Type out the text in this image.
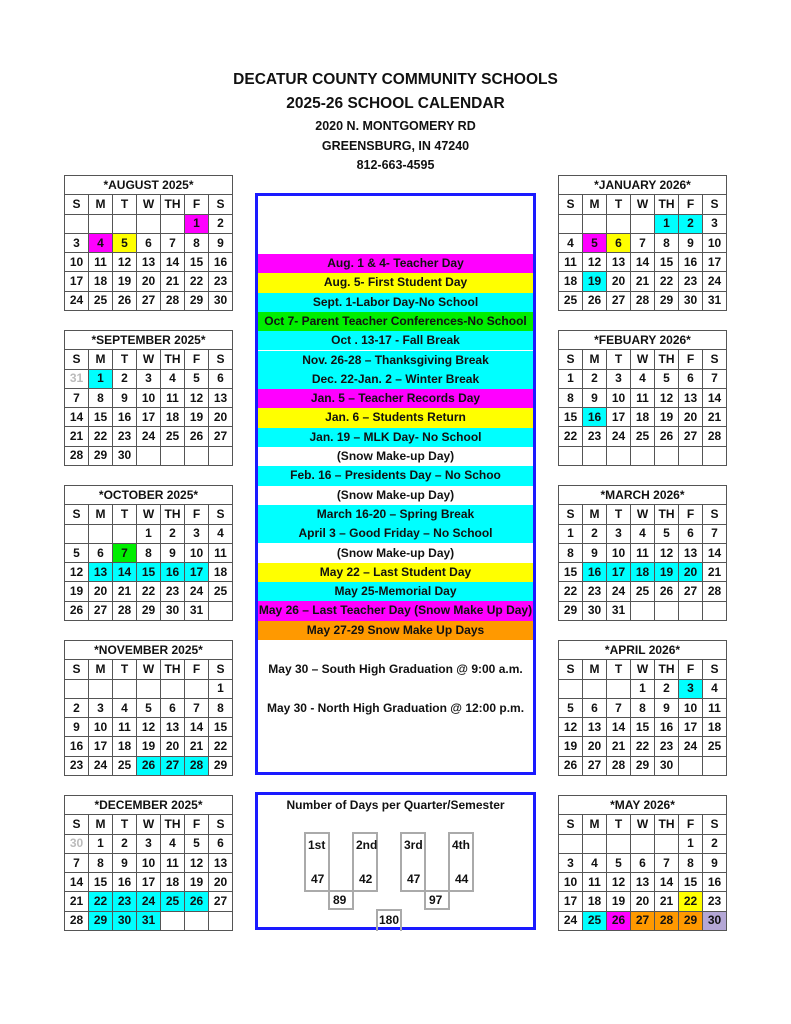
DECATUR COUNTY COMMUNITY SCHOOLS
2025-26 SCHOOL CALENDAR
2020 N. MONTGOMERY RD
GREENSBURG, IN 47240
812-663-4595
*AUGUST 2025*						
S	M	T	W	TH	F	S
					1	2
3	4	5	6	7	8	9
10	11	12	13	14	15	16
17	18	19	20	21	22	23
24	25	26	27	28	29	30
*SEPTEMBER 2025*						
S	M	T	W	TH	F	S
31	1	2	3	4	5	6
7	8	9	10	11	12	13
14	15	16	17	18	19	20
21	22	23	24	25	26	27
28	29	30				
*OCTOBER 2025*						
S	M	T	W	TH	F	S
			1	2	3	4
5	6	7	8	9	10	11
12	13	14	15	16	17	18
19	20	21	22	23	24	25
26	27	28	29	30	31	
*NOVEMBER 2025*						
S	M	T	W	TH	F	S
						1
2	3	4	5	6	7	8
9	10	11	12	13	14	15
16	17	18	19	20	21	22
23	24	25	26	27	28	29
*DECEMBER 2025*						
S	M	T	W	TH	F	S
30	1	2	3	4	5	6
7	8	9	10	11	12	13
14	15	16	17	18	19	20
21	22	23	24	25	26	27
28	29	30	31			
*JANUARY 2026*						
S	M	T	W	TH	F	S
				1	2	3
4	5	6	7	8	9	10
11	12	13	14	15	16	17
18	19	20	21	22	23	24
25	26	27	28	29	30	31
*FEBUARY 2026*						
S	M	T	W	TH	F	S
1	2	3	4	5	6	7
8	9	10	11	12	13	14
15	16	17	18	19	20	21
22	23	24	25	26	27	28

*MARCH 2026*						
S	M	T	W	TH	F	S
1	2	3	4	5	6	7
8	9	10	11	12	13	14
15	16	17	18	19	20	21
22	23	24	25	26	27	28
29	30	31				
*APRIL 2026*						
S	M	T	W	TH	F	S
			1	2	3	4
5	6	7	8	9	10	11
12	13	14	15	16	17	18
19	20	21	22	23	24	25
26	27	28	29	30		
*MAY 2026*						
S	M	T	W	TH	F	S
					1	2
3	4	5	6	7	8	9
10	11	12	13	14	15	16
17	18	19	20	21	22	23
24	25	26	27	28	29	30
Aug. 1 & 4- Teacher Day
Aug. 5- First Student Day
Sept. 1-Labor Day-No School
Oct 7- Parent Teacher Conferences-No School
Oct . 13-17 - Fall Break
Nov. 26-28 – Thanksgiving Break
Dec. 22-Jan. 2 – Winter Break
Jan. 5 – Teacher Records Day
Jan. 6 – Students Return
Jan. 19 – MLK Day- No School
(Snow Make-up Day)
Feb. 16 – Presidents Day – No Schoo
(Snow Make-up Day)
March 16-20 – Spring Break
April 3 – Good Friday – No School
(Snow Make-up Day)
May 22 – Last Student Day
May 25-Memorial Day
May 26 – Last Teacher Day (Snow Make Up Day)
May 27-29 Snow Make Up Days
May 30 – South High Graduation @ 9:00 a.m.
May 30 - North High Graduation @ 12:00 p.m.
Number of Days per Quarter/Semester
1st
47
2nd
42
3rd
47
4th
44
89	97
180
